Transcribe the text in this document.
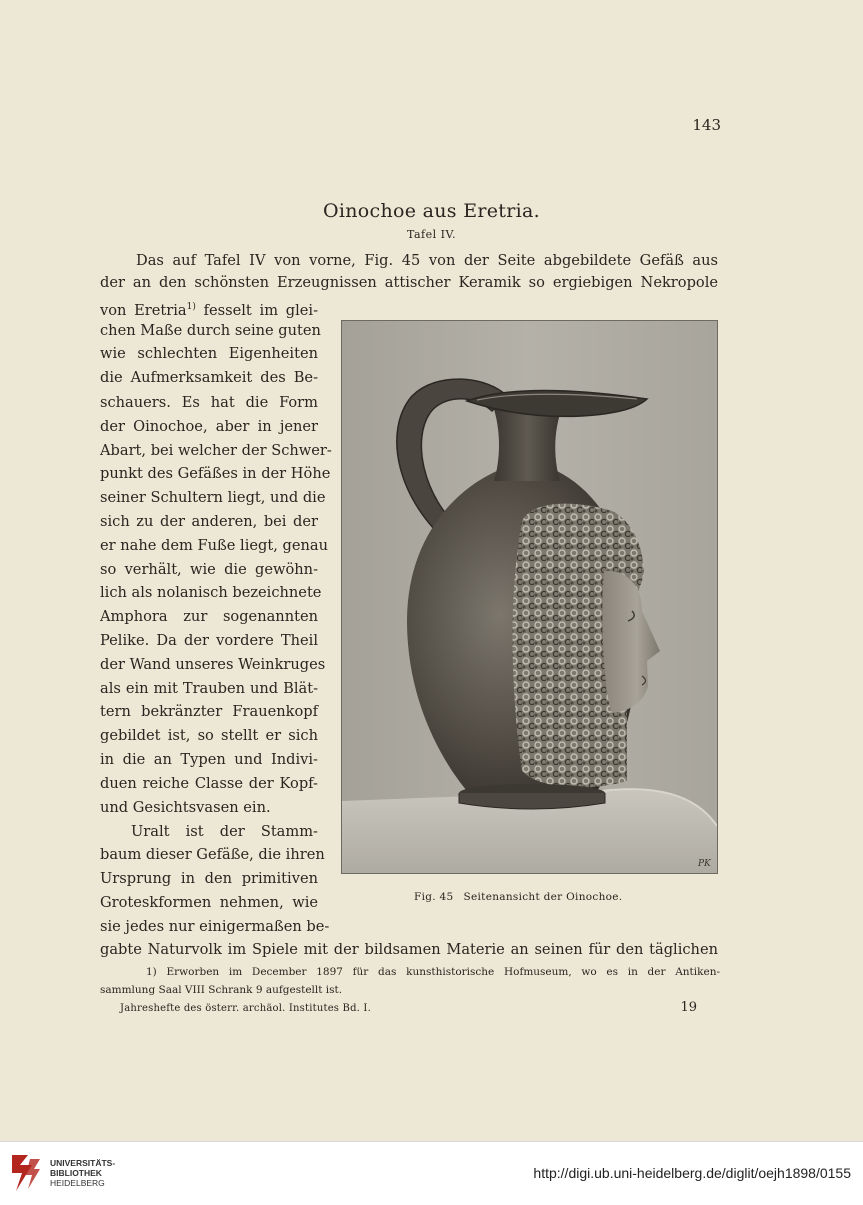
143
Oinochoe aus Eretria.
Tafel IV.
Das auf Tafel IV von vorne, Fig. 45 von der Seite abgebildete Gefäß aus
der an den schönsten Erzeugnissen attischer Keramik so ergiebigen Nekropole
von Eretria$^{1)}$ fesselt im glei-
chen Maße durch seine guten
wie schlechten Eigenheiten
die Aufmerksamkeit des Be-
schauers. Es hat die Form
der Oinochoe, aber in jener
Abart, bei welcher der Schwer-
punkt des Gefäßes in der Höhe
seiner Schultern liegt, und die
sich zu der anderen, bei der
er nahe dem Fuße liegt, genau
so verhält, wie die gewöhn-
lich als nolanisch bezeichnete
Amphora zur sogenannten
Pelike. Da der vordere Theil
der Wand unseres Weinkruges
als ein mit Trauben und Blät-
tern bekränzter Frauenkopf
gebildet ist, so stellt er sich
in die an Typen und Indivi-
duen reiche Classe der Kopf-
und Gesichtsvasen ein.
Uralt ist der Stamm-
baum dieser Gefäße, die ihren
Ursprung in den primitiven
Groteskformen nehmen, wie
sie jedes nur einigermaßen be-
gabte Naturvolk im Spiele mit der bildsamen Materie an seinen für den täglichen
PK
Fig. 45 Seitenansicht der Oinochoe.
1) Erworben im December 1897 für das kunsthistorische Hofmuseum, wo es in der Antiken-
sammlung Saal VIII Schrank 9 aufgestellt ist.
Jahreshefte des österr. archäol. Institutes Bd. I.	19
UNIVERSITÄTS-
BIBLIOTHEK
HEIDELBERG
http://digi.ub.uni-heidelberg.de/diglit/oejh1898/0155
